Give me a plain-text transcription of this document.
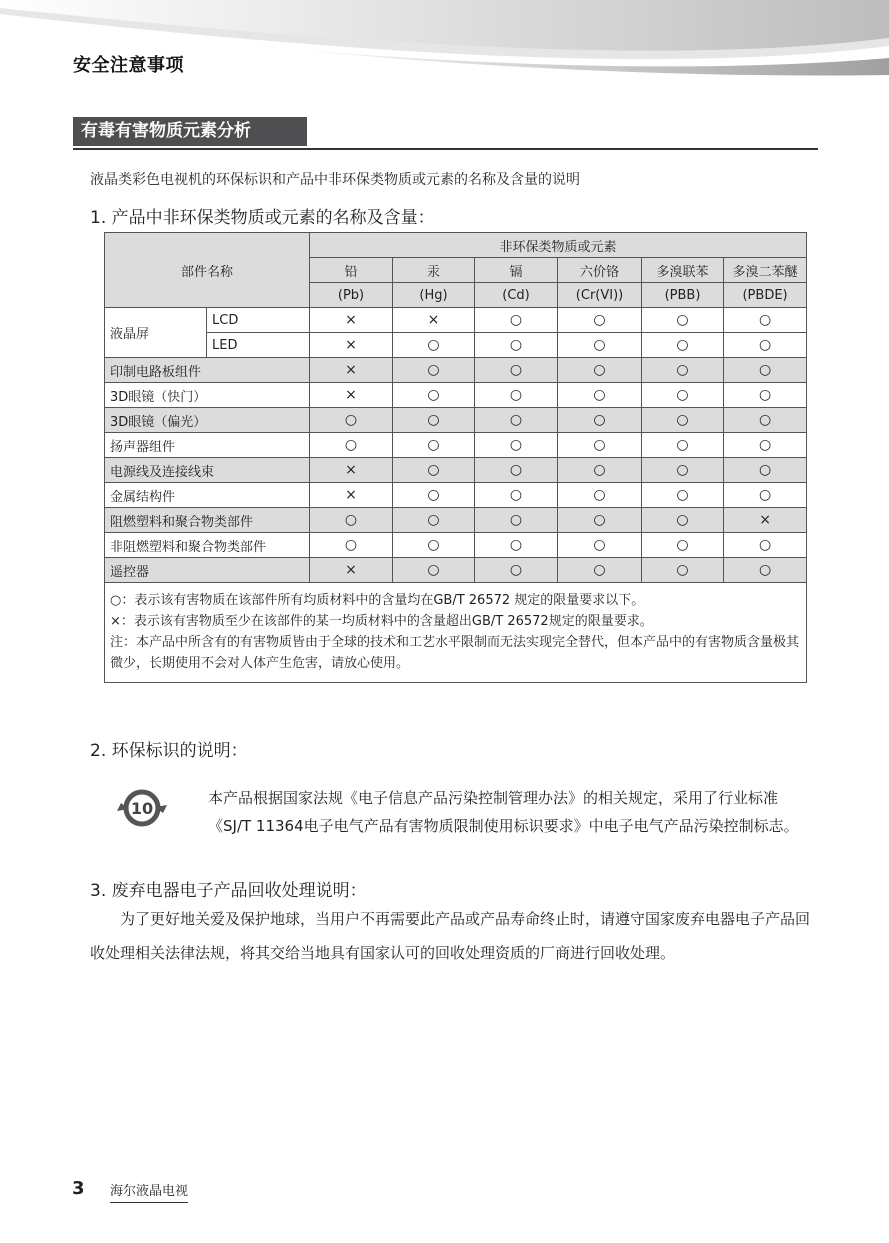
安全注意事项
有毒有害物质元素分析
液晶类彩色电视机的环保标识和产品中非环保类物质或元素的名称及含量的说明
1. 产品中非环保类物质或元素的名称及含量：
部件名称		非环保类物质或元素					
		铅	汞	镉	六价铬	多溴联苯	多溴二苯醚
		(Pb)	(Hg)	(Cd)	(Cr(VI))	(PBB)	(PBDE)
液晶屏	LCD	×	×	○	○	○	○
	LED	×	○	○	○	○	○
印制电路板组件		×	○	○	○	○	○
3D眼镜（快门）		×	○	○	○	○	○
3D眼镜（偏光）		○	○	○	○	○	○
扬声器组件		○	○	○	○	○	○
电源线及连接线束		×	○	○	○	○	○
金属结构件		×	○	○	○	○	○
阻燃塑料和聚合物类部件		○	○	○	○	○	×
非阻燃塑料和聚合物类部件		○	○	○	○	○	○
遥控器		×	○	○	○	○	○

○：表示该有害物质在该部件所有均质材料中的含量均在GB/T 26572 规定的限量要求以下。
×：表示该有害物质至少在该部件的某一均质材料中的含量超出GB/T 26572规定的限量要求。
注：本产品中所含有的有害物质皆由于全球的技术和工艺水平限制而无法实现完全替代，但本产品中的有害物质含量极其微少，长期使用不会对人体产生危害，请放心使用。							
2. 环保标识的说明：
10
本产品根据国家法规《电子信息产品污染控制管理办法》的相关规定，采用了行业标准《SJ/T 11364电子电气产品有害物质限制使用标识要求》中电子电气产品污染控制标志。
3. 废弃电器电子产品回收处理说明：
为了更好地关爱及保护地球，当用户不再需要此产品或产品寿命终止时，请遵守国家废弃电器电子产品回收处理相关法律法规，将其交给当地具有国家认可的回收处理资质的厂商进行回收处理。
3 海尔液晶电视
